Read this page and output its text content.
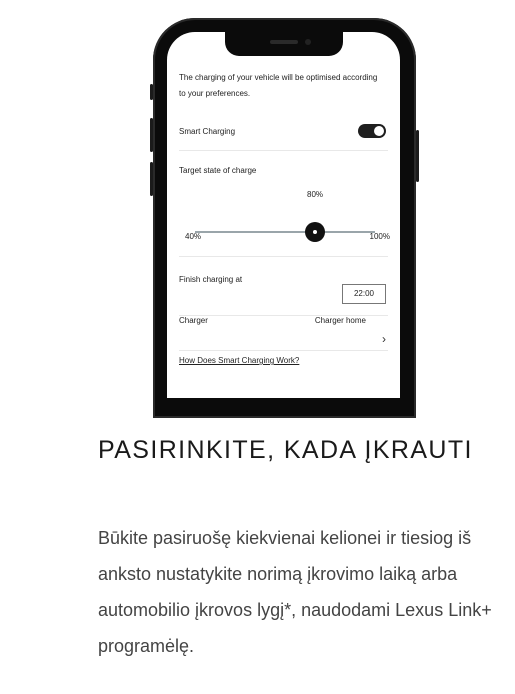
The charging of your vehicle will be optimised according to your preferences.
Smart Charging
Target state of charge
80%
40%	100%
Finish charging at
22:00
Charger	Charger home
›
How Does Smart Charging Work?
PASIRINKITE, KADA ĮKRAUTI
Būkite pasiruošę kiekvienai kelionei ir tiesiog iš anksto nustatykite norimą įkrovimo laiką arba automobilio įkrovos lygį*, naudodami Lexus Link+ programėlę.
